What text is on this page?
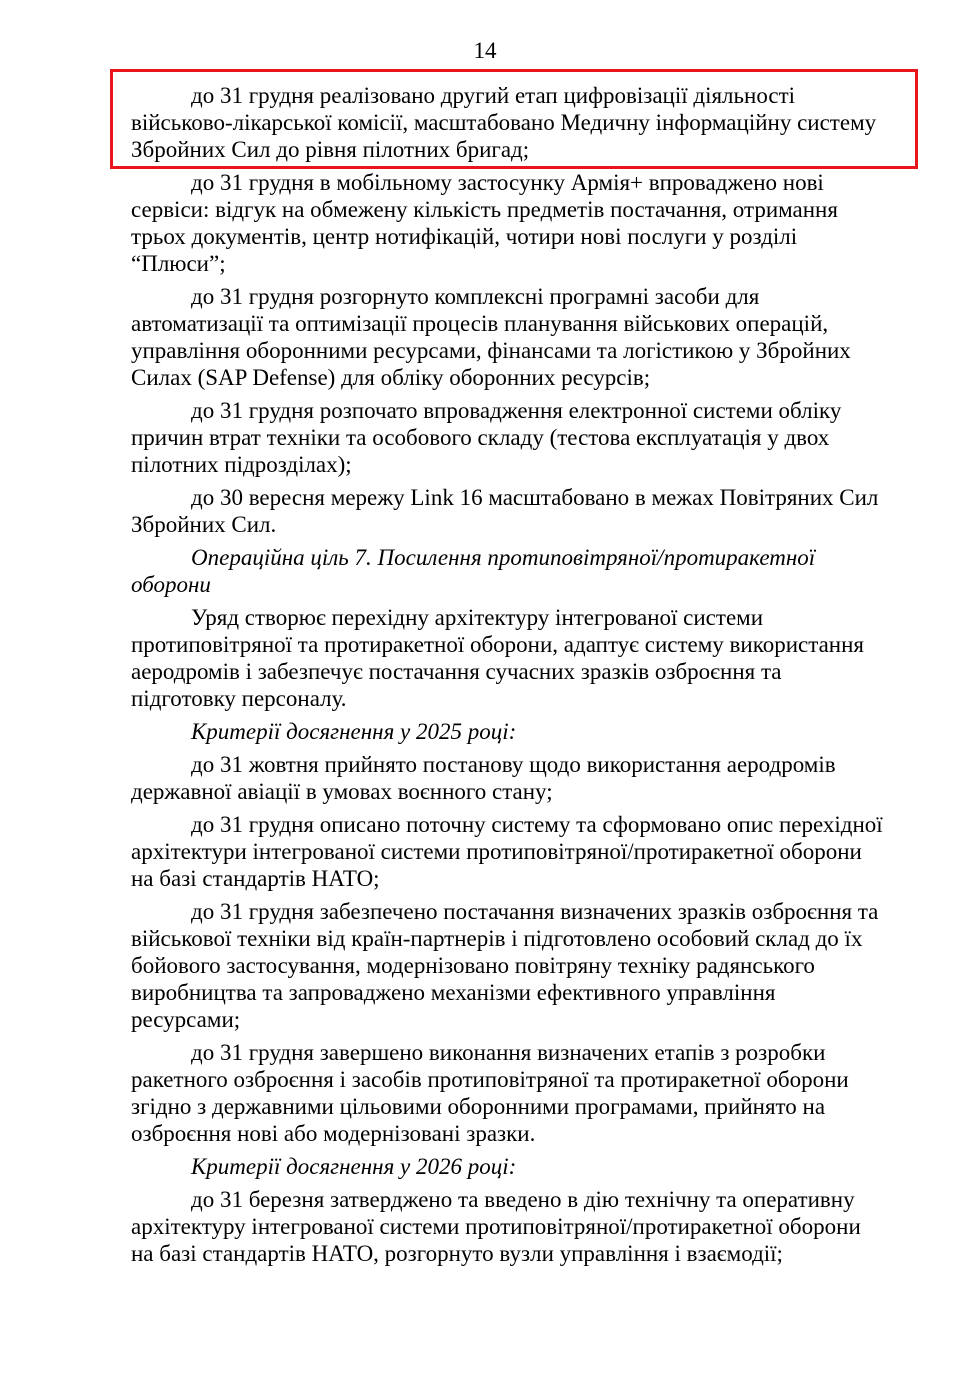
14

до 31 грудня реалізовано другий етап цифровізації діяльності
військово-лікарської комісії, масштабовано Медичну інформаційну систему
Збройних Сил до рівня пілотних бригад;

до 31 грудня в мобільному застосунку Армія+ впроваджено нові
сервіси: відгук на обмежену кількість предметів постачання, отримання
трьох документів, центр нотифікацій, чотири нові послуги у розділі
“Плюси”;

до 31 грудня розгорнуто комплексні програмні засоби для
автоматизації та оптимізації процесів планування військових операцій,
управління оборонними ресурсами, фінансами та логістикою у Збройних
Силах (SAP Defense) для обліку оборонних ресурсів;

до 31 грудня розпочато впровадження електронної системи обліку
причин втрат техніки та особового складу (тестова експлуатація у двох
пілотних підрозділах);

до 30 вересня мережу Link 16 масштабовано в межах Повітряних Сил
Збройних Сил.

Операційна ціль 7. Посилення протиповітряної/протиракетної
оборони

Уряд створює перехідну архітектуру інтегрованої системи
протиповітряної та протиракетної оборони, адаптує систему використання
аеродромів і забезпечує постачання сучасних зразків озброєння та
підготовку персоналу.

Критерії досягнення у 2025 році:

до 31 жовтня прийнято постанову щодо використання аеродромів
державної авіації в умовах воєнного стану;

до 31 грудня описано поточну систему та сформовано опис перехідної
архітектури інтегрованої системи протиповітряної/протиракетної оборони
на базі стандартів НАТО;

до 31 грудня забезпечено постачання визначених зразків озброєння та
військової техніки від країн-партнерів і підготовлено особовий склад до їх
бойового застосування, модернізовано повітряну техніку радянського
виробництва та запроваджено механізми ефективного управління
ресурсами;

до 31 грудня завершено виконання визначених етапів з розробки
ракетного озброєння і засобів протиповітряної та протиракетної оборони
згідно з державними цільовими оборонними програмами, прийнято на
озброєння нові або модернізовані зразки.

Критерії досягнення у 2026 році:

до 31 березня затверджено та введено в дію технічну та оперативну
архітектуру інтегрованої системи протиповітряної/протиракетної оборони
на базі стандартів НАТО, розгорнуто вузли управління і взаємодії;
